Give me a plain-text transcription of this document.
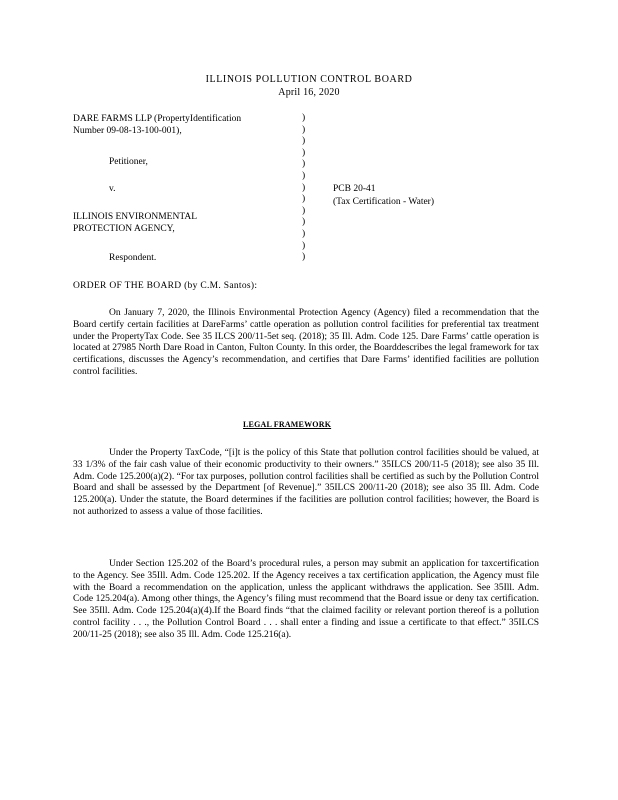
ILLINOIS POLLUTION CONTROL BOARD
April 16, 2020
DARE FARMS LLP (PropertyIdentification
Number 09-08-13-100-001),
Petitioner,
v.
ILLINOIS ENVIRONMENTAL
PROTECTION AGENCY,
Respondent.
)
)
)
)
)
)
)
)
)
)
)
)
)
PCB 20-41
(Tax Certification - Water)
ORDER OF THE BOARD (by C.M. Santos):
On January 7, 2020, the Illinois Environmental Protection Agency (Agency) filed a recommendation that the Board certify certain facilities at DareFarms’ cattle operation as pollution control facilities for preferential tax treatment under the PropertyTax Code. See 35 ILCS 200/11-5et seq. (2018); 35 Ill. Adm. Code 125. Dare Farms’ cattle operation is located at 27985 North Dare Road in Canton, Fulton County. In this order, the Boarddescribes the legal framework for tax certifications, discusses the Agency’s recommendation, and certifies that Dare Farms’ identified facilities are pollution control facilities.
LEGAL FRAMEWORK
Under the Property TaxCode, “[i]t is the policy of this State that pollution control facilities should be valued, at 33 1/3% of the fair cash value of their economic productivity to their owners.” 35ILCS 200/11-5 (2018); see also 35 Ill. Adm. Code 125.200(a)(2). “For tax purposes, pollution control facilities shall be certified as such by the Pollution Control Board and shall be assessed by the Department [of Revenue].” 35ILCS 200/11-20 (2018); see also 35 Ill. Adm. Code 125.200(a). Under the statute, the Board determines if the facilities are pollution control facilities; however, the Board is not authorized to assess a value of those facilities.
Under Section 125.202 of the Board’s procedural rules, a person may submit an application for taxcertification to the Agency. See 35Ill. Adm. Code 125.202. If the Agency receives a tax certification application, the Agency must file with the Board a recommendation on the application, unless the applicant withdraws the application. See 35Ill. Adm. Code 125.204(a). Among other things, the Agency’s filing must recommend that the Board issue or deny tax certification. See 35Ill. Adm. Code 125.204(a)(4).If the Board finds “that the claimed facility or relevant portion thereof is a pollution control facility . . ., the Pollution Control Board . . . shall enter a finding and issue a certificate to that effect.” 35ILCS 200/11-25 (2018); see also 35 Ill. Adm. Code 125.216(a).
